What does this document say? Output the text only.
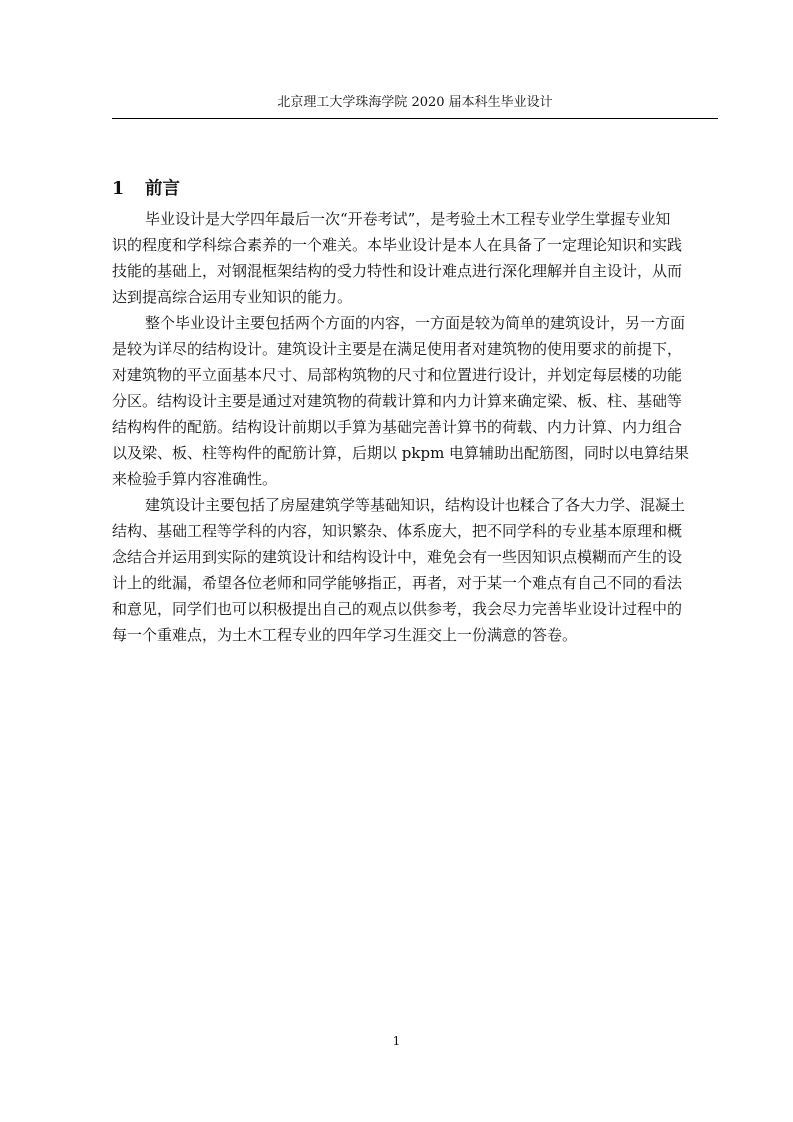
北京理工大学珠海学院 2020 届本科生毕业设计
1 前言
毕业设计是大学四年最后一次“开卷考试”，是考验土木工程专业学生掌握专业知
识的程度和学科综合素养的一个难关。本毕业设计是本人在具备了一定理论知识和实践
技能的基础上，对钢混框架结构的受力特性和设计难点进行深化理解并自主设计，从而
达到提高综合运用专业知识的能力。
整个毕业设计主要包括两个方面的内容，一方面是较为简单的建筑设计，另一方面
是较为详尽的结构设计。建筑设计主要是在满足使用者对建筑物的使用要求的前提下，
对建筑物的平立面基本尺寸、局部构筑物的尺寸和位置进行设计，并划定每层楼的功能
分区。结构设计主要是通过对建筑物的荷载计算和内力计算来确定梁、板、柱、基础等
结构构件的配筋。结构设计前期以手算为基础完善计算书的荷载、内力计算、内力组合
以及梁、板、柱等构件的配筋计算，后期以 pkpm 电算辅助出配筋图，同时以电算结果
来检验手算内容准确性。
建筑设计主要包括了房屋建筑学等基础知识，结构设计也糅合了各大力学、混凝土
结构、基础工程等学科的内容，知识繁杂、体系庞大，把不同学科的专业基本原理和概
念结合并运用到实际的建筑设计和结构设计中，难免会有一些因知识点模糊而产生的设
计上的纰漏，希望各位老师和同学能够指正，再者，对于某一个难点有自己不同的看法
和意见，同学们也可以积极提出自己的观点以供参考，我会尽力完善毕业设计过程中的
每一个重难点，为土木工程专业的四年学习生涯交上一份满意的答卷。
1
